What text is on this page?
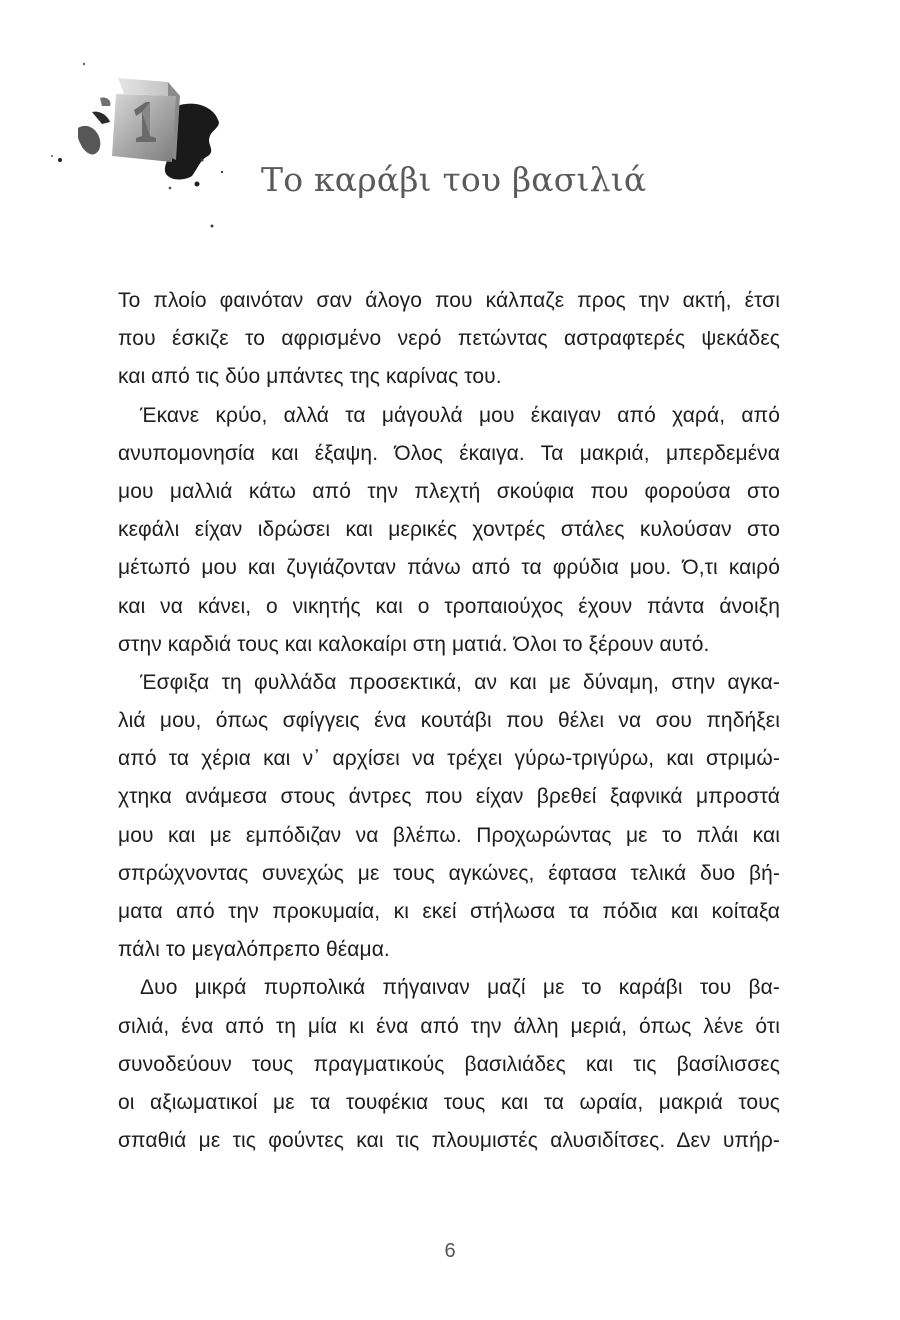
Το καράβι του βασιλιά
Το πλοίο φαινόταν σαν άλογο που κάλπαζε προς την ακτή, έτσι
που έσκιζε το αφρισμένο νερό πετώντας αστραφτερές ψεκάδες
και από τις δύο μπάντες της καρίνας του.
Έκανε κρύο, αλλά τα μάγουλά μου έκαιγαν από χαρά, από
ανυπομονησία και έξαψη. Όλος έκαιγα. Τα μακριά, μπερδεμένα
μου μαλλιά κάτω από την πλεχτή σκούφια που φορούσα στο
κεφάλι είχαν ιδρώσει και μερικές χοντρές στάλες κυλούσαν στο
μέτωπό μου και ζυγιάζονταν πάνω από τα φρύδια μου. Ό,τι καιρό
και να κάνει, ο νικητής και ο τροπαιούχος έχουν πάντα άνοιξη
στην καρδιά τους και καλοκαίρι στη ματιά. Όλοι το ξέρουν αυτό.
Έσφιξα τη φυλλάδα προσεκτικά, αν και με δύναμη, στην αγκα-
λιά μου, όπως σφίγγεις ένα κουτάβι που θέλει να σου πηδήξει
από τα χέρια και ν᾽ αρχίσει να τρέχει γύρω-τριγύρω, και στριμώ-
χτηκα ανάμεσα στους άντρες που είχαν βρεθεί ξαφνικά μπροστά
μου και με εμπόδιζαν να βλέπω. Προχωρώντας με το πλάι και
σπρώχνοντας συνεχώς με τους αγκώνες, έφτασα τελικά δυο βή-
ματα από την προκυμαία, κι εκεί στήλωσα τα πόδια και κοίταξα
πάλι το μεγαλόπρεπο θέαμα.
Δυο μικρά πυρπολικά πήγαιναν μαζί με το καράβι του βα-
σιλιά, ένα από τη μία κι ένα από την άλλη μεριά, όπως λένε ότι
συνοδεύουν τους πραγματικούς βασιλιάδες και τις βασίλισσες
οι αξιωματικοί με τα τουφέκια τους και τα ωραία, μακριά τους
σπαθιά με τις φούντες και τις πλουμιστές αλυσιδίτσες. Δεν υπήρ-
6
